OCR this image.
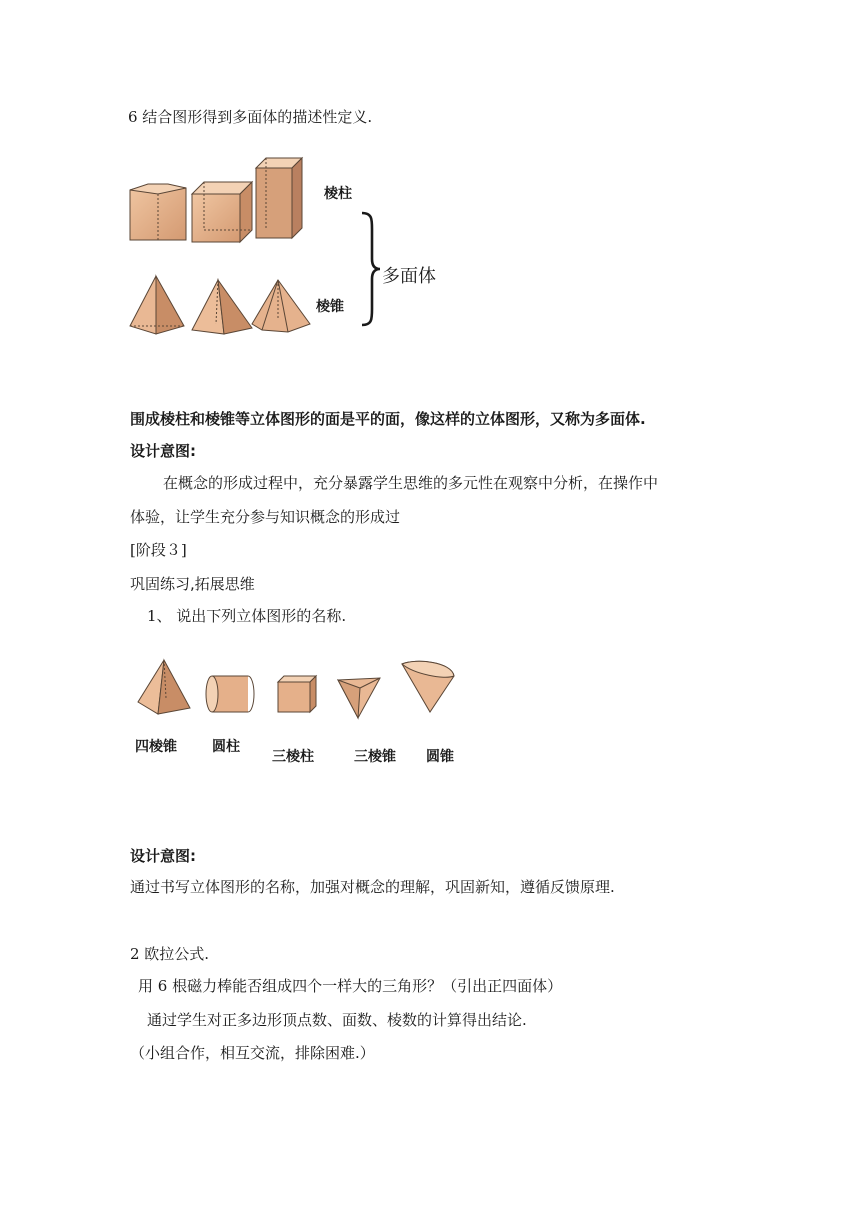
6 结合图形得到多面体的描述性定义.
棱柱
多面体
棱锥
围成棱柱和棱锥等立体图形的面是平的面，像这样的立体图形，又称为多面体.
设计意图:
在概念的形成过程中，充分暴露学生思维的多元性在观察中分析，在操作中
体验，让学生充分参与知识概念的形成过
[阶段３]
巩固练习,拓展思维
1、 说出下列立体图形的名称.
四棱锥	圆柱
三棱柱	三棱锥 圆锥
设计意图:
通过书写立体图形的名称，加强对概念的理解，巩固新知，遵循反馈原理.
2 欧拉公式.
用 6 根磁力棒能否组成四个一样大的三角形？（引出正四面体）
通过学生对正多边形顶点数、面数、棱数的计算得出结论.
（小组合作，相互交流，排除困难.）
